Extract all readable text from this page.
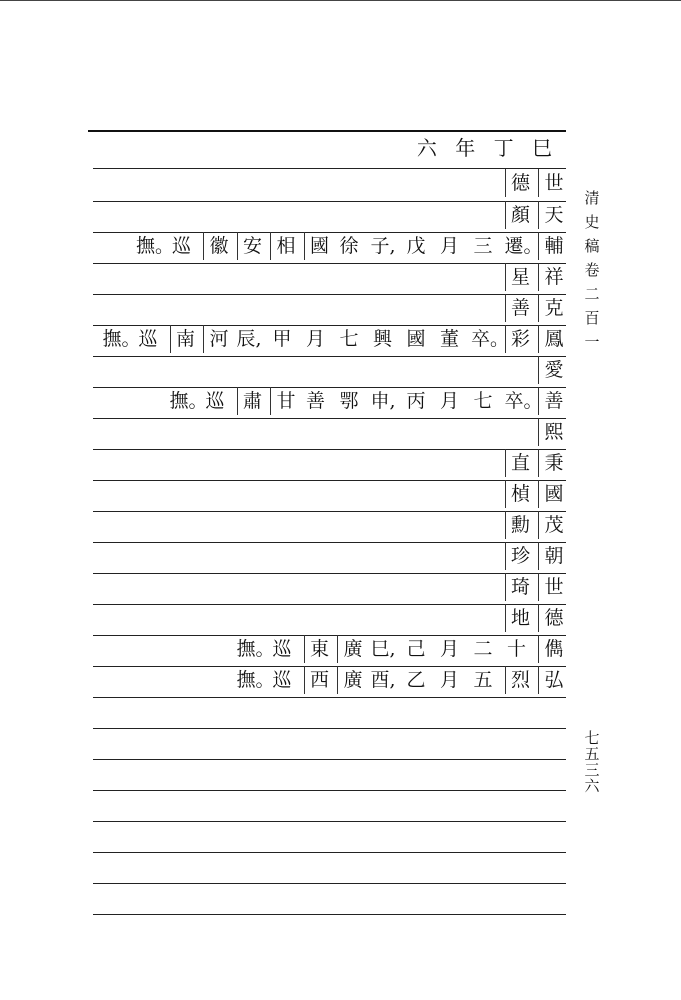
六 年 丁 巳
世
德
天
顏
輔
遷。
三
月
戊
子,
徐
國
相
安
徽
巡
撫。
祥
星
克
善
鳳
彩
卒。
董
國
興
七
月
甲
辰,
河
南
巡
撫。
愛
善
卒。
七
月
丙
申,
鄂
善
甘
肅
巡
撫。
熙
秉
直
國
楨
茂
勳
朝
珍
世
琦
德
地
儁
十
二
月
己
巳,
廣
東
巡
撫。
弘
烈
五
月
乙
酉,
廣
西
巡
撫。
清
史
稿
卷
二
百
一
七
五
三
六
